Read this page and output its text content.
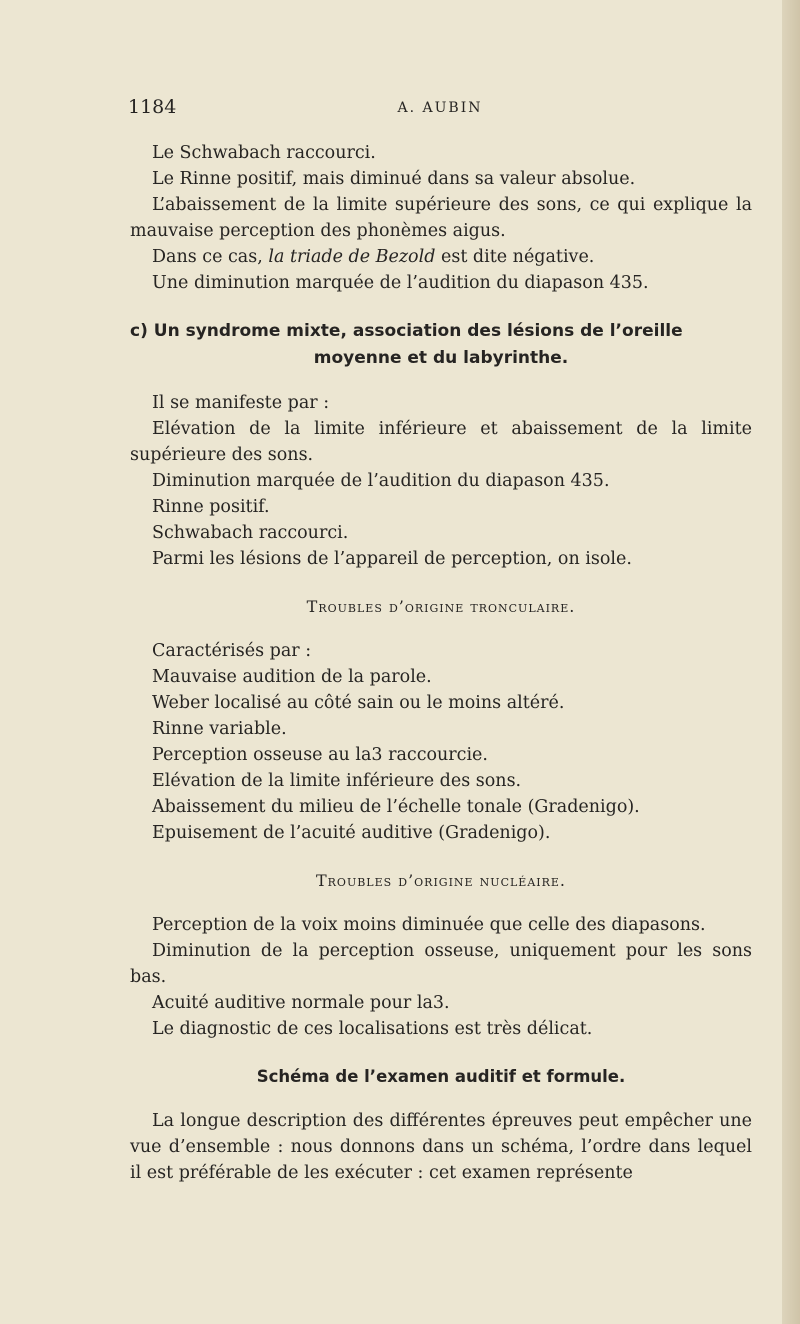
1184	A. AUBIN

Le Schwabach raccourci.

Le Rinne positif, mais diminué dans sa valeur absolue.

L’abaissement de la limite supérieure des sons, ce qui explique la mauvaise perception des phonèmes aigus.

Dans ce cas, la triade de Bezold est dite négative.

Une diminution marquée de l’audition du diapason 435.

c) Un syndrome mixte, association des lésions de l’oreille
moyenne et du labyrinthe.

Il se manifeste par :

Elévation de la limite inférieure et abaissement de la limite supérieure des sons.

Diminution marquée de l’audition du diapason 435.

Rinne positif.

Schwabach raccourci.

Parmi les lésions de l’appareil de perception, on isole.

Troubles d’origine tronculaire.

Caractérisés par :

Mauvaise audition de la parole.

Weber localisé au côté sain ou le moins altéré.

Rinne variable.

Perception osseuse au la3 raccourcie.

Elévation de la limite inférieure des sons.

Abaissement du milieu de l’échelle tonale (Gradenigo).

Epuisement de l’acuité auditive (Gradenigo).

Troubles d’origine nucléaire.

Perception de la voix moins diminuée que celle des diapasons.

Diminution de la perception osseuse, uniquement pour les sons bas.

Acuité auditive normale pour la3.

Le diagnostic de ces localisations est très délicat.

Schéma de l’examen auditif et formule.

La longue description des différentes épreuves peut empêcher une vue d’ensemble : nous donnons dans un schéma, l’ordre dans lequel il est préférable de les exécuter : cet examen représente
